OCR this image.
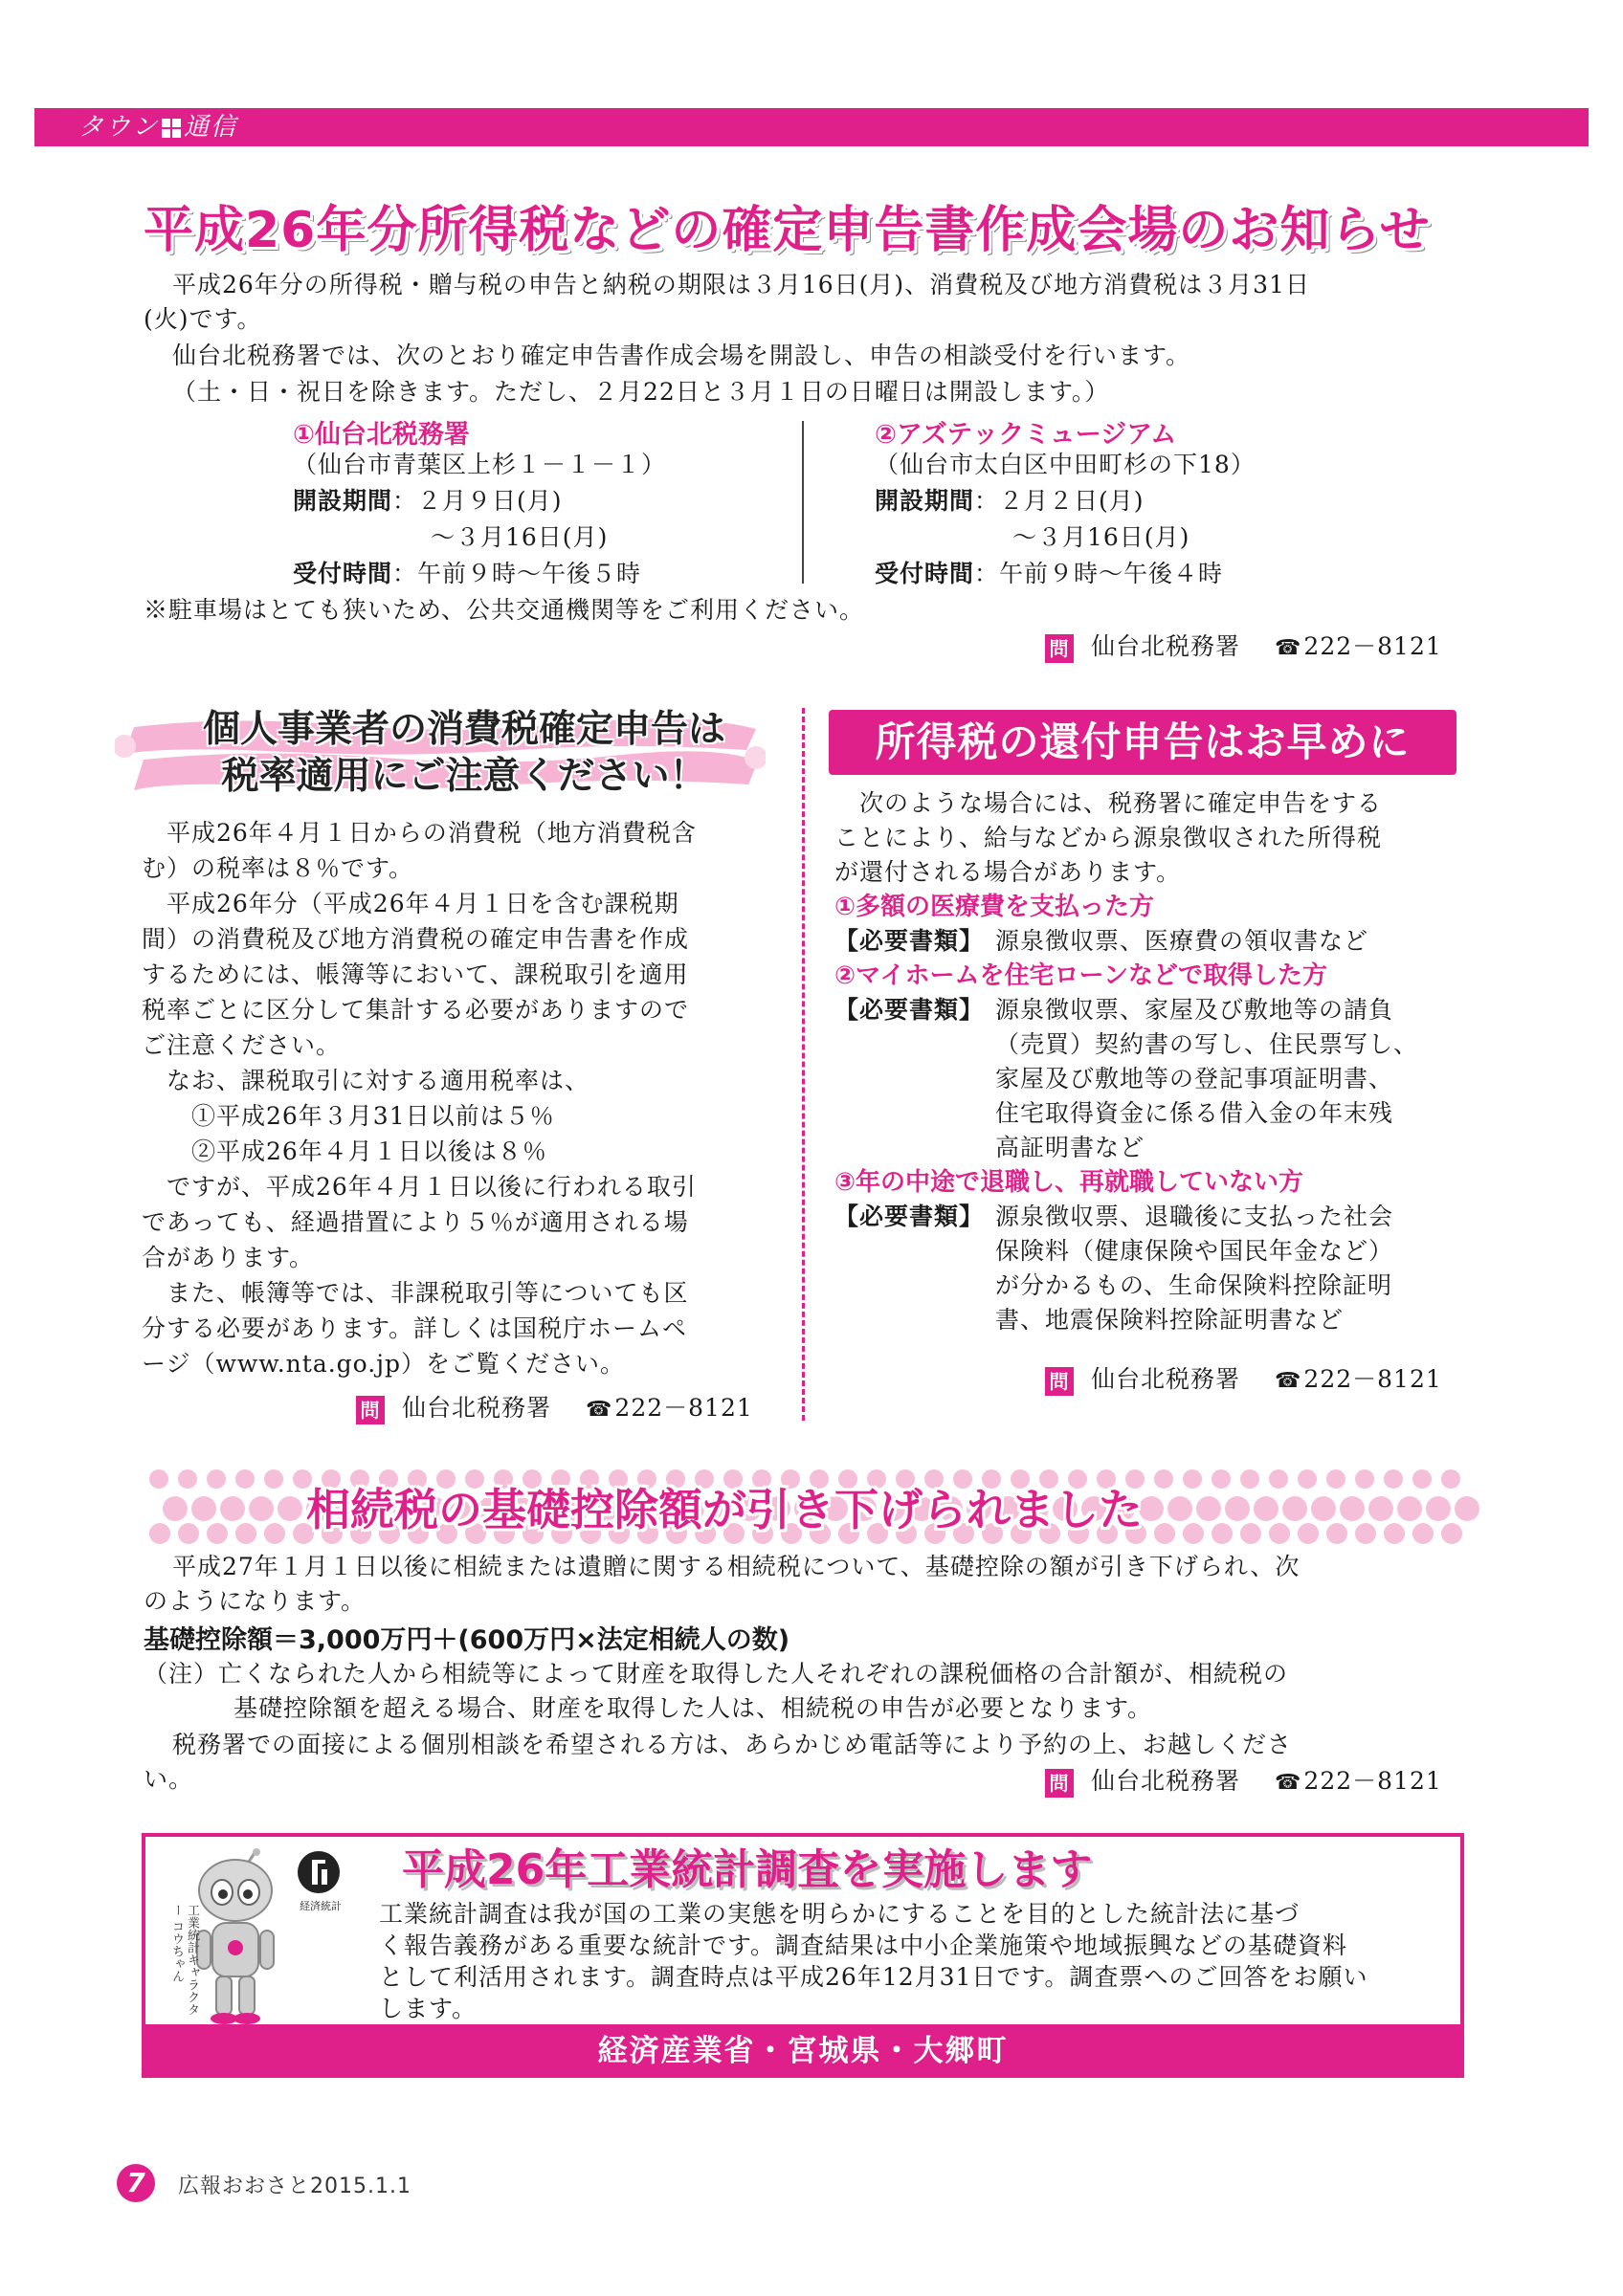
タウン 通信
平成26年分所得税などの確定申告書作成会場のお知らせ
平成26年分の所得税・贈与税の申告と納税の期限は３月16日(月)、消費税及び地方消費税は３月31日
(火)です。
仙台北税務署では、次のとおり確定申告書作成会場を開設し、申告の相談受付を行います。
（土・日・祝日を除きます。ただし、２月22日と３月１日の日曜日は開設します。）
①仙台北税務署
（仙台市青葉区上杉１－１－１）
開設期間：２月９日(月)
～３月16日(月)
受付時間：午前９時～午後５時
②アズテックミュージアム
（仙台市太白区中田町杉の下18）
開設期間：２月２日(月)
～３月16日(月)
受付時間：午前９時～午後４時
※駐車場はとても狭いため、公共交通機関等をご利用ください。
問 仙台北税務署 ☎222－8121
個人事業者の消費税確定申告は
税率適用にご注意ください！
　平成26年４月１日からの消費税（地方消費税含
む）の税率は８％です。
　平成26年分（平成26年４月１日を含む課税期
間）の消費税及び地方消費税の確定申告書を作成
するためには、帳簿等において、課税取引を適用
税率ごとに区分して集計する必要がありますので
ご注意ください。
　なお、課税取引に対する適用税率は、
　　①平成26年３月31日以前は５％
　　②平成26年４月１日以後は８％
　ですが、平成26年４月１日以後に行われる取引
であっても、経過措置により５％が適用される場
合があります。
　また、帳簿等では、非課税取引等についても区
分する必要があります。詳しくは国税庁ホームペ
ージ（www.nta.go.jp）をご覧ください。
問 仙台北税務署 ☎222－8121
所得税の還付申告はお早めに
　次のような場合には、税務署に確定申告をする
ことにより、給与などから源泉徴収された所得税
が還付される場合があります。
①多額の医療費を支払った方
【必要書類】 源泉徴収票、医療費の領収書など
②マイホームを住宅ローンなどで取得した方
【必要書類】 源泉徴収票、家屋及び敷地等の請負
（売買）契約書の写し、住民票写し、
家屋及び敷地等の登記事項証明書、
住宅取得資金に係る借入金の年末残
高証明書など
③年の中途で退職し、再就職していない方
【必要書類】 源泉徴収票、退職後に支払った社会
保険料（健康保険や国民年金など）
が分かるもの、生命保険料控除証明
書、地震保険料控除証明書など
問 仙台北税務署 ☎222－8121
相続税の基礎控除額が引き下げられました
平成27年１月１日以後に相続または遺贈に関する相続税について、基礎控除の額が引き下げられ、次
のようになります。
基礎控除額＝3,000万円＋(600万円×法定相続人の数)
（注）亡くなられた人から相続等によって財産を取得した人それぞれの課税価格の合計額が、相続税の
基礎控除額を超える場合、財産を取得した人は、相続税の申告が必要となります。
税務署での面接による個別相談を希望される方は、あらかじめ電話等により予約の上、お越しくださ
い。	問 仙台北税務署 ☎222－8121
工業統計キャラクター コウちゃん	経済統計
平成26年工業統計調査を実施します
工業統計調査は我が国の工業の実態を明らかにすることを目的とした統計法に基づ
く報告義務がある重要な統計です。調査結果は中小企業施策や地域振興などの基礎資料
として利活用されます。調査時点は平成26年12月31日です。調査票へのご回答をお願い
します。
経済産業省・宮城県・大郷町
7	広報おおさと2015.1.1
